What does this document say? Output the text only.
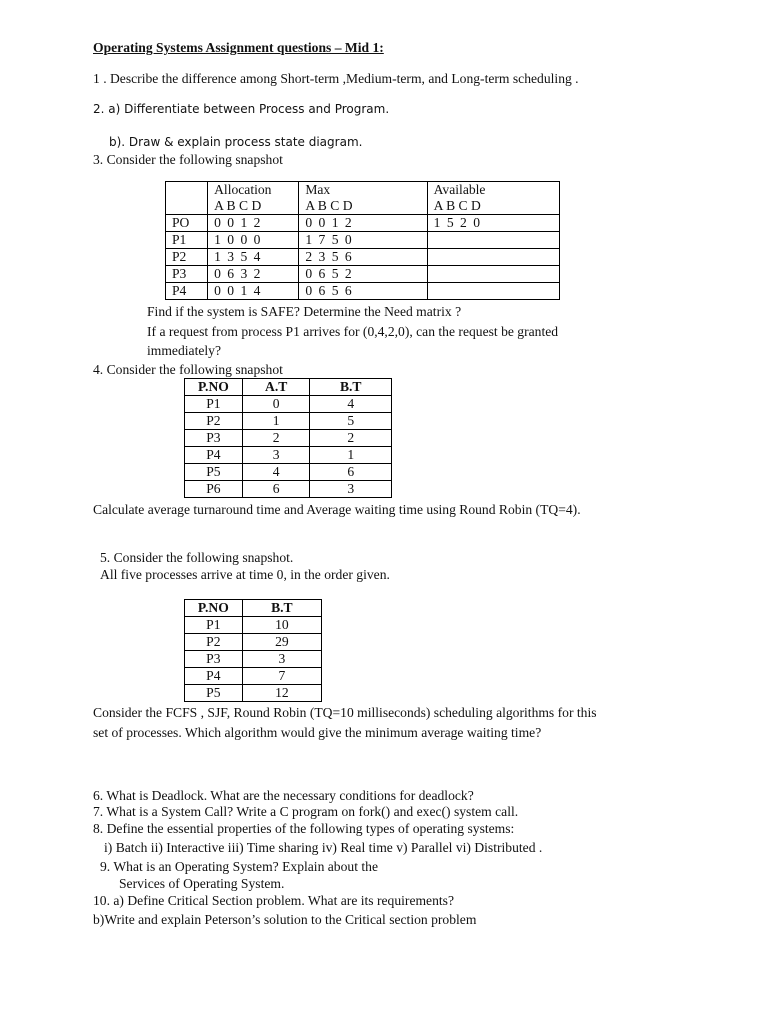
Operating Systems Assignment questions – Mid 1:
1 . Describe the difference among Short-term ,Medium-term, and Long-term scheduling .
2. a) Differentiate between Process and Program.
b). Draw & explain process state diagram.
3. Consider the following snapshot
	Allocation	Max	Available
	A B C D	A B C D	A B C D
PO	0 0 1 2	0 0 1 2	1 5 2 0
P1	1 0 0 0	1 7 5 0	
P2	1 3 5 4	2 3 5 6	
P3	0 6 3 2	0 6 5 2	
P4	0 0 1 4	0 6 5 6	
Find if the system is SAFE? Determine the Need matrix ?
If a request from process P1 arrives for (0,4,2,0), can the request be granted
immediately?
4. Consider the following snapshot
P.NO	A.T	B.T
P1	0	4
P2	1	5
P3	2	2
P4	3	1
P5	4	6
P6	6	3
Calculate average turnaround time and Average waiting time using Round Robin (TQ=4).
5. Consider the following snapshot.
All five processes arrive at time 0, in the order given.
P.NO	B.T
P1	10
P2	29
P3	3
P4	7
P5	12
Consider the FCFS , SJF, Round Robin (TQ=10 milliseconds) scheduling algorithms for this
set of processes. Which algorithm would give the minimum average waiting time?
6. What is Deadlock. What are the necessary conditions for deadlock?
7. What is a System Call? Write a C program on fork() and exec() system call.
8. Define the essential properties of the following types of operating systems:
i) Batch ii) Interactive iii) Time sharing iv) Real time v) Parallel vi) Distributed .
9. What is an Operating System? Explain about the
Services of Operating System.
10. a) Define Critical Section problem. What are its requirements?
b)Write and explain Peterson’s solution to the Critical section problem
